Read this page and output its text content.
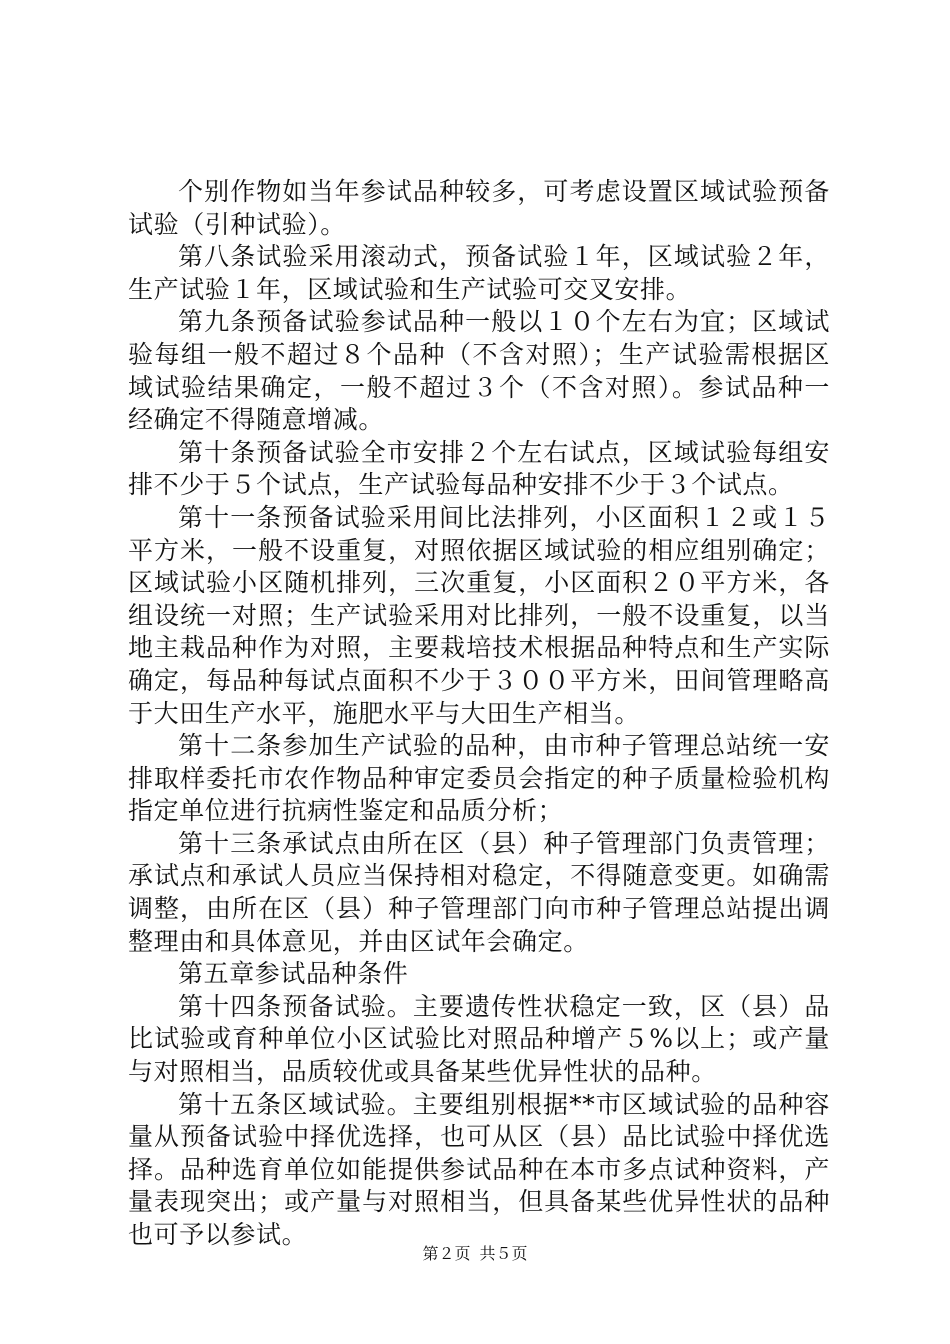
个别作物如当年参试品种较多，可考虑设置区域试验预备试验（引种试验）。

第八条试验采用滚动式，预备试验１年，区域试验２年，生产试验１年，区域试验和生产试验可交叉安排。

第九条预备试验参试品种一般以１０个左右为宜；区域试验每组一般不超过８个品种（不含对照）；生产试验需根据区域试验结果确定，一般不超过３个（不含对照）。参试品种一经确定不得随意增减。

第十条预备试验全市安排２个左右试点，区域试验每组安排不少于５个试点，生产试验每品种安排不少于３个试点。

第十一条预备试验采用间比法排列，小区面积１２或１５平方米，一般不设重复，对照依据区域试验的相应组别确定；区域试验小区随机排列，三次重复，小区面积２０平方米，各组设统一对照；生产试验采用对比排列，一般不设重复，以当地主栽品种作为对照，主要栽培技术根据品种特点和生产实际确定，每品种每试点面积不少于３００平方米，田间管理略高于大田生产水平，施肥水平与大田生产相当。

第十二条参加生产试验的品种，由市种子管理总站统一安排取样委托市农作物品种审定委员会指定的种子质量检验机构指定单位进行抗病性鉴定和品质分析；

第十三条承试点由所在区（县）种子管理部门负责管理；承试点和承试人员应当保持相对稳定，不得随意变更。如确需调整，由所在区（县）种子管理部门向市种子管理总站提出调整理由和具体意见，并由区试年会确定。

第五章参试品种条件

第十四条预备试验。主要遗传性状稳定一致，区（县）品比试验或育种单位小区试验比对照品种增产５%以上；或产量与对照相当，品质较优或具备某些优异性状的品种。

第十五条区域试验。主要组别根据**市区域试验的品种容量从预备试验中择优选择，也可从区（县）品比试验中择优选择。品种选育单位如能提供参试品种在本市多点试种资料，产量表现突出；或产量与对照相当，但具备某些优异性状的品种也可予以参试。

第２页 共５页
